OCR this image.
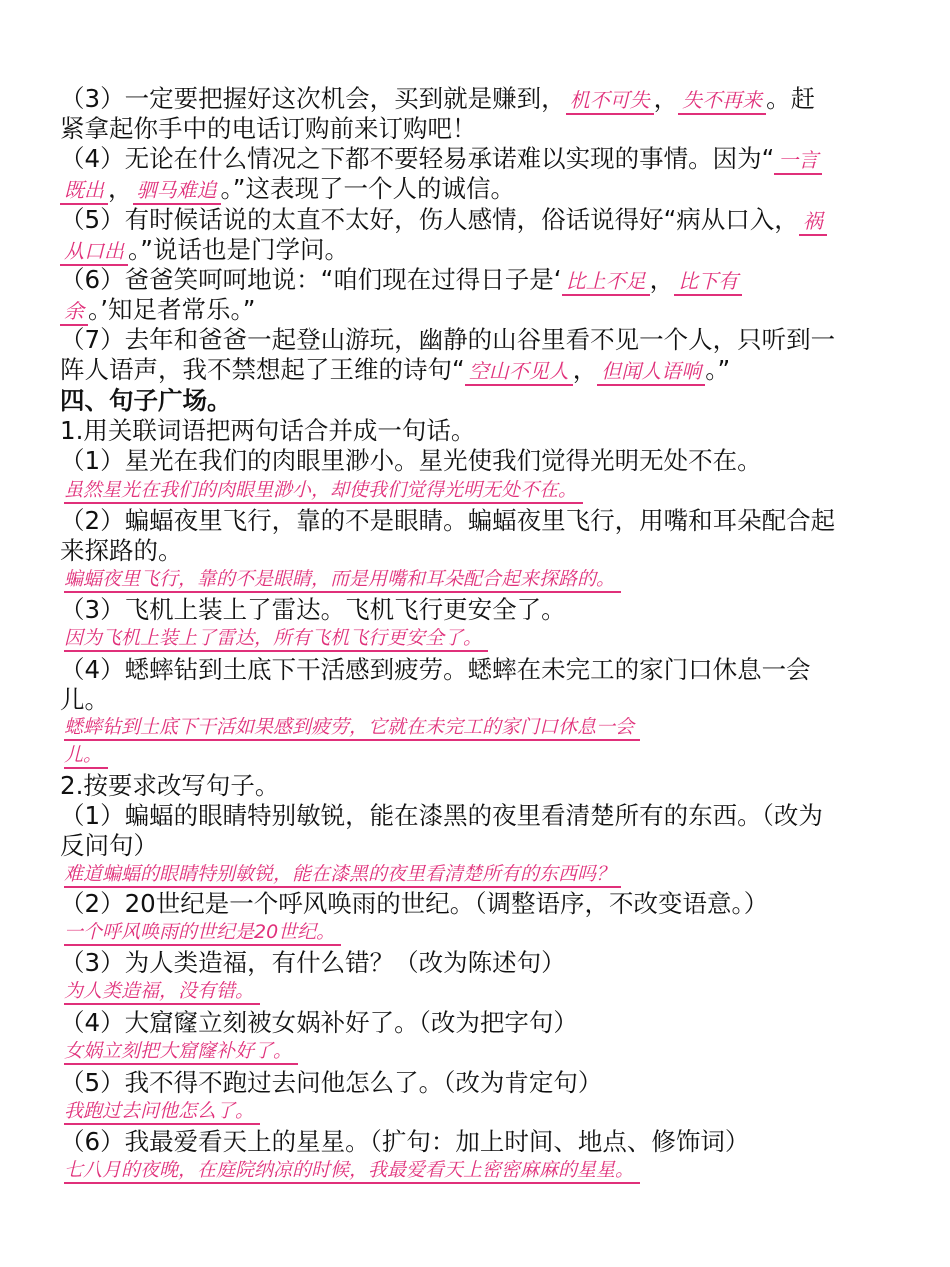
（3）一定要把握好这次机会，买到就是赚到， 机不可失 ， 失不再来 。赶
紧拿起你手中的电话订购前来订购吧！
（4）无论在什么情况之下都不要轻易承诺难以实现的事情。因为“ 一言
既出 ， 驷马难追 。”这表现了一个人的诚信。
（5）有时候话说的太直不太好，伤人感情，俗话说得好“病从口入， 祸
从口出 。”说话也是门学问。
（6）爸爸笑呵呵地说：“咱们现在过得日子是‘ 比上不足 ， 比下有
余 。’知足者常乐。”
（7）去年和爸爸一起登山游玩，幽静的山谷里看不见一个人，只听到一
阵人语声，我不禁想起了王维的诗句“ 空山不见人 ， 但闻人语响 。”
四、句子广场。
1.用关联词语把两句话合并成一句话。
（1）星光在我们的肉眼里渺小。星光使我们觉得光明无处不在。
虽然星光在我们的肉眼里渺小，却使我们觉得光明无处不在。
（2）蝙蝠夜里飞行，靠的不是眼睛。蝙蝠夜里飞行，用嘴和耳朵配合起
来探路的。
蝙蝠夜里飞行，靠的不是眼睛，而是用嘴和耳朵配合起来探路的。
（3）飞机上装上了雷达。飞机飞行更安全了。
因为飞机上装上了雷达，所有飞机飞行更安全了。
（4）蟋蟀钻到土底下干活感到疲劳。蟋蟀在未完工的家门口休息一会
儿。
蟋蟀钻到土底下干活如果感到疲劳，它就在未完工的家门口休息一会
儿。
2.按要求改写句子。
（1）蝙蝠的眼睛特别敏锐，能在漆黑的夜里看清楚所有的东西。（改为
反问句）
难道蝙蝠的眼睛特别敏锐，能在漆黑的夜里看清楚所有的东西吗？
（2）20世纪是一个呼风唤雨的世纪。（调整语序，不改变语意。）
一个呼风唤雨的世纪是20世纪。
（3）为人类造福，有什么错？（改为陈述句）
为人类造福，没有错。
（4）大窟窿立刻被女娲补好了。（改为把字句）
女娲立刻把大窟窿补好了。
（5）我不得不跑过去问他怎么了。（改为肯定句）
我跑过去问他怎么了。
（6）我最爱看天上的星星。（扩句：加上时间、地点、修饰词）
七八月的夜晚，在庭院纳凉的时候，我最爱看天上密密麻麻的星星。
